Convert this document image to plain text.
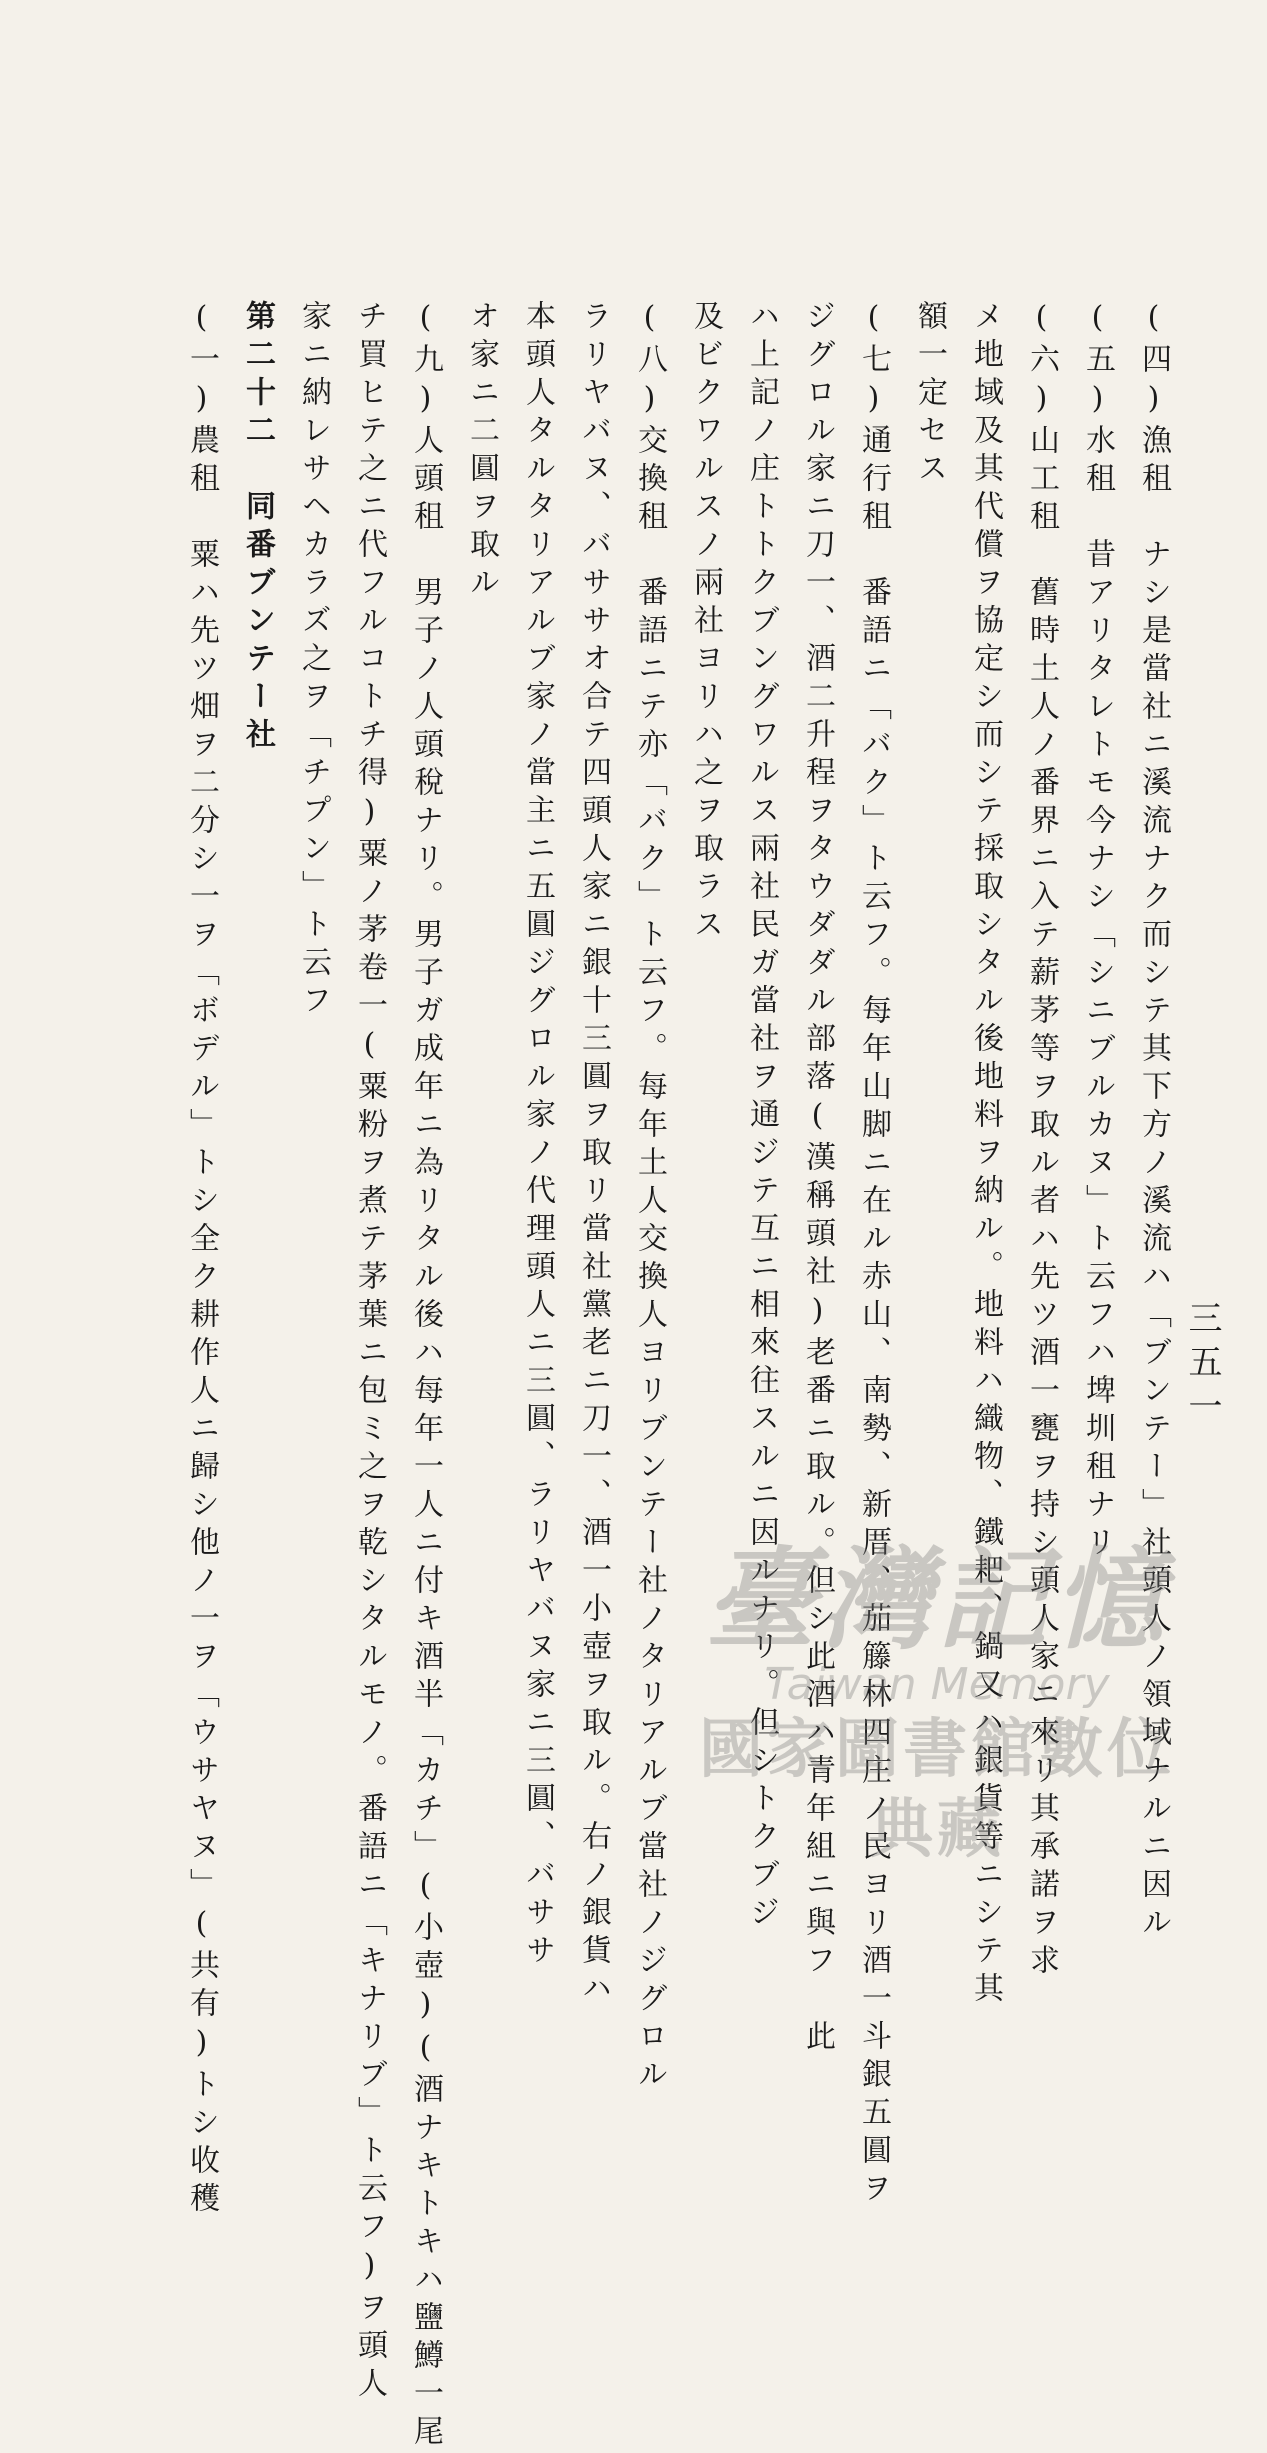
(四)漁租　ナシ是當社ニ溪流ナク而シテ其下方ノ溪流ハ「ブンテー」社頭人ノ領域ナルニ因ル
(五)水租　昔アリタレトモ今ナシ「シニブルカヌ」ト云フハ埤圳租ナリ
(六)山工租　舊時土人ノ番界ニ入テ薪茅等ヲ取ル者ハ先ツ酒一甕ヲ持シ頭人家ニ來リ其承諾ヲ求
メ地域及其代償ヲ協定シ而シテ採取シタル後地料ヲ納ル。地料ハ織物、鐵耙、鍋又ハ銀貨等ニシテ其
額一定セス
(七)通行租　番語ニ「バク」ト云フ。每年山脚ニ在ル赤山、南勢、新厝、茄籐林四庄ノ民ヨリ酒一斗銀五圓ヲ
ジグロル家ニ刀一、酒二升程ヲタウダダル部落(漢稱頭社)老番ニ取ル。但シ此酒ハ青年組ニ與フ　此
ハ上記ノ庄トトクブングワルス兩社民ガ當社ヲ通ジテ互ニ相來往スルニ因ルナリ。但シトクブジ
及ビクワルスノ兩社ヨリハ之ヲ取ラス
(八)交換租　番語ニテ亦「バク」ト云フ。每年土人交換人ヨリブンテー社ノタリアルブ當社ノジグロル
ラリヤバヌ、バササオ合テ四頭人家ニ銀十三圓ヲ取リ當社黨老ニ刀一、酒一小壺ヲ取ル。右ノ銀貨ハ
本頭人タルタリアルブ家ノ當主ニ五圓ジグロル家ノ代理頭人ニ三圓、ラリヤバヌ家ニ三圓、バササ
オ家ニ二圓ヲ取ル
(九)人頭租　男子ノ人頭稅ナリ。男子ガ成年ニ為リタル後ハ每年一人ニ付キ酒半「カチ」(小壺)(酒ナキトキハ鹽鱒一尾
チ買ヒテ之ニ代フルコトチ得)粟ノ茅卷一(粟粉ヲ煮テ茅葉ニ包ミ之ヲ乾シタルモノ。番語ニ「キナリブ」ト云フ)ヲ頭人
家ニ納レサヘカラズ之ヲ「チプン」ト云フ
第二十二　同番ブンテー社
(一)農租　粟ハ先ツ畑ヲ二分シ一ヲ「ボデル」トシ全ク耕作人ニ歸シ他ノ一ヲ「ウサヤヌ」(共有)トシ收穫	三五一
臺灣記憶
Taiwan Memory
國家圖書館數位典藏
